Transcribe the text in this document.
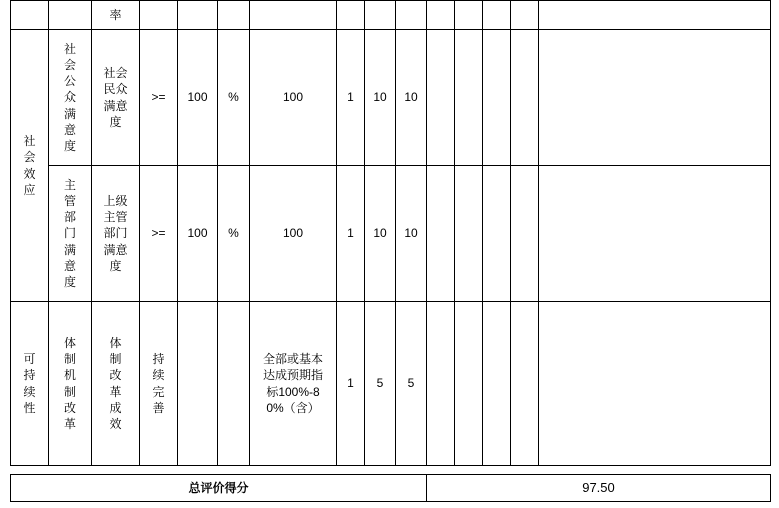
		率												

社会效应	社会公众满意度	社会民众满意度	>=	100	%	100	1	10	10					

	主管部门满意度	上级主管部门满意度	>=	100	%	100	1	10	10					

可持续性	体制机制改革	体制改革成效	持续完善			全部或基本达成预期指标100%-80%（含）	1	5	5					

总评价得分										97.50				
